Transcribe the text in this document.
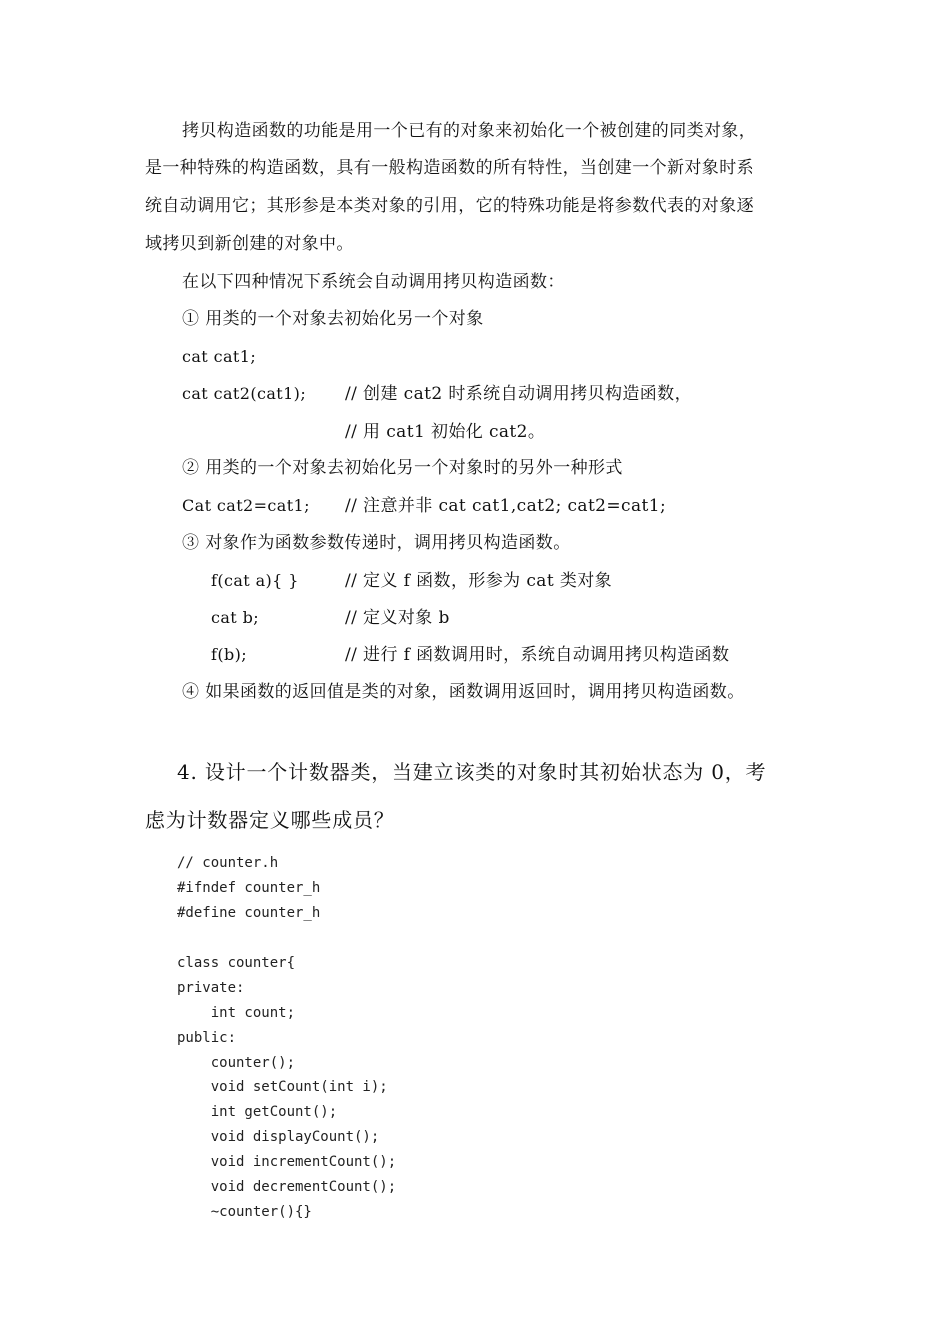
拷贝构造函数的功能是用一个已有的对象来初始化一个被创建的同类对象，
是一种特殊的构造函数，具有一般构造函数的所有特性，当创建一个新对象时系
统自动调用它；其形参是本类对象的引用，它的特殊功能是将参数代表的对象逐
域拷贝到新创建的对象中。
在以下四种情况下系统会自动调用拷贝构造函数：
① 用类的一个对象去初始化另一个对象
cat cat1;
cat cat2(cat1); // 创建 cat2 时系统自动调用拷贝构造函数，
// 用 cat1 初始化 cat2。
② 用类的一个对象去初始化另一个对象时的另外一种形式
Cat cat2=cat1; // 注意并非 cat cat1,cat2; cat2=cat1;
③ 对象作为函数参数传递时，调用拷贝构造函数。
f(cat a){ }	// 定义 f 函数，形参为 cat 类对象
cat b;	// 定义对象 b
f(b);	// 进行 f 函数调用时，系统自动调用拷贝构造函数
④ 如果函数的返回值是类的对象，函数调用返回时，调用拷贝构造函数。
4. 设计一个计数器类，当建立该类的对象时其初始状态为 0，考
虑为计数器定义哪些成员？
// counter.h
#ifndef counter_h
#define counter_h
class counter{
private:
int count;
public:
counter();
void setCount(int i);
int getCount();
void displayCount();
void incrementCount();
void decrementCount();
~counter(){}
